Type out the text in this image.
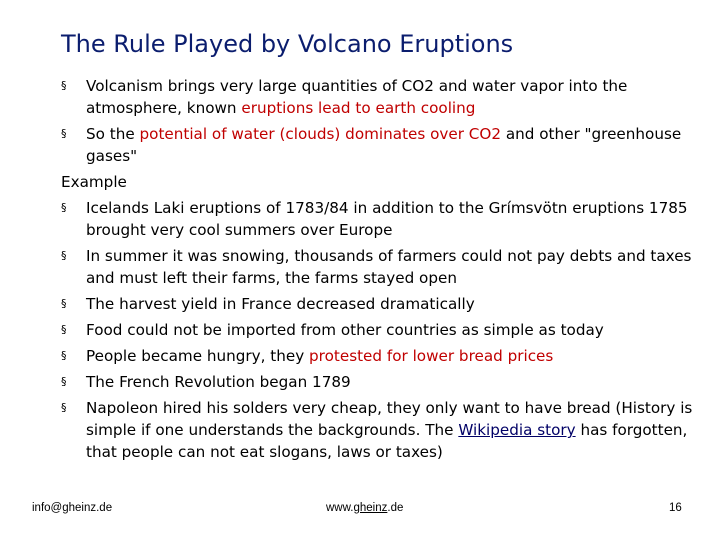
The Rule Played by Volcano Eruptions
§ Volcanism brings very large quantities of CO2 and water vapor into the atmosphere, known eruptions lead to earth cooling
§ So the potential of water (clouds) dominates over CO2 and other "greenhouse gases"
Example
§ Icelands Laki eruptions of 1783/84 in addition to the Grímsvötn eruptions 1785 brought very cool summers over Europe
§ In summer it was snowing, thousands of farmers could not pay debts and taxes and must left their farms, the farms stayed open
§ The harvest yield in France decreased dramatically
§ Food could not be imported from other countries as simple as today
§ People became hungry, they protested for lower bread prices
§ The French Revolution began 1789
§ Napoleon hired his solders very cheap, they only want to have bread (History is simple if one understands the backgrounds. The Wikipedia story has forgotten, that people can not eat slogans, laws or taxes)
info@gheinz.de	www.gheinz.de	16
